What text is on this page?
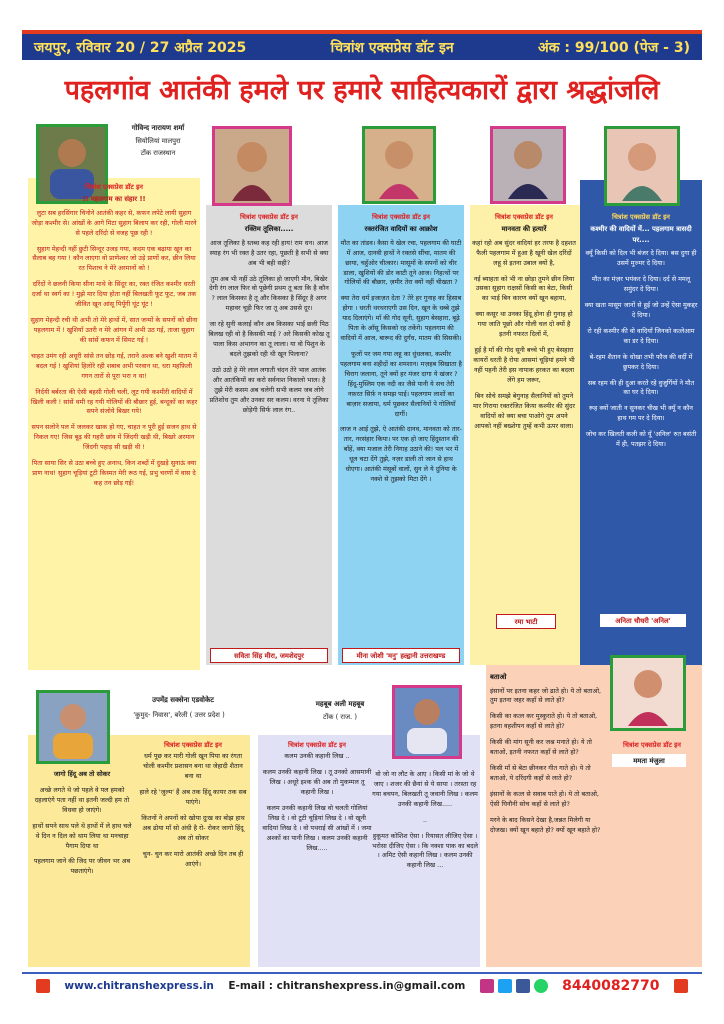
जयपुर, रविवार 20 / 27 अप्रैल 2025	चित्रांश एक्सप्रेस डॉट इन	अंक : 99/100 (पेज - 3)
पहलगांव आतंकी हमले पर हमारे साहित्यकारों द्वारा श्रद्धांजलि
गोविन्द नारायण शर्मा
सियोलियां मालपुरा
टोंक राजस्थान
चित्रांश एक्सप्रेस डॉट इन
!! पहलगाम का संहार !!

लुटा सब हरसिंगार चिनोने आतंकी कहर से, कफन लपेटे लायी सुहाग जोड़ा कश्मीर से। आंखों के आगे मिटा सुहाग बिलाप कर रही, गोली मारने से पहले दरिंदो से वजह पूछ रही !

सुहाग मेहन्दी नहीं छुटी सिन्दूर उजड़ गया, कदम एक बढ़ाया खून का सैलाब बह गया ! कौन लाएगा वो प्राणेश्वर जो उड़े प्राणों कर, छीन लिया रत पिशाच ने मेरे अरमानों को !

दरिंदों ने छलनी किया सीना माथे के सिंदूर का, रक्त रंजित कश्मीर धरती दर्जा था स्वर्ग का ! मुझे मार दिया होता नहीं बिलखती फूट फूट, जब तक जीवित खून आंसू पियूँगी घूंट घूंट !

सुहाग मेहन्दी रची थी अभी तो मेरे हाथों में, सात जन्मों के सपनों को छीना पहलगाम में ! खुशियाँ उतरी न मेरे आंगन में अभी उठ गई, ताजा सुहाग की सांसें कफन में सिमट गई !

चाहत उमंग रही अधूरी सांसे तन छोड़ गई, तराने अश्क बने खुशी मातम में बदल गई ! खुशियां हिलोरे रही शबाब अभी परवान था, धरा महफ़िली गगन तारों से पूरा भरा न था!

निर्दयी बर्बरता की ऐसी बहसी गोली चली, लूट गयी कश्मीरी वादियों में खिली कली ! सांसें थमी रह गयी गोलियों की बौछार हुई, बन्दूकों का कहर सपने संजोये बिखर गये!

सपन सलोने पल में जलकर खाक हो गए, चाहत न पूरी हुई सजन हाथ से निकल गए! जिस बूढ़ की गहरी छांव में जिंदगी खड़ी थी, बिखरे अरमान जिंदगी पहाड़ सी खड़ी थी !

पिता साया सिर से उठा बच्चे हुए अनाथ, किन शब्दों में दुखड़े सुनाऊं क्या प्राण नाथ! सुहाग चूड़ियां टूटी किस्मत मेरी रूठ गई, प्रभु चरणों में वास दे कह तन छोड़ गई!

चित्रांश एक्सप्रेस डॉट इन
रक्तिम तूलिका.....

आज तूलिका है स्तब्ध कह रही हाय! राम धन। आज स्याह रंग भी रक्त है उतर रहा, पूछती है सभी से क्या अब भी बही सही?

तुम अब भी नहीं उठे तूलिका हो जाएगी मौन, बिखेर देगी रंग लाल फिर वो पूछेगी प्रथम तू बता कि है कौन ? लाल किसका है तू और किसका है सिंदूर है अगर महावर चूड़ी फिर जा तू अब उससे दूर।

जा रहे सुनी कलाई कौन अब किसका भाई छली पिठ बिलख रही वो है किसकी माई ? अरे किसकी कोख तू पाला किस अभागन का तू लाला। या वो पिशुन के बदले तुझको रही थी खून पिलाना?

उठो उठो हे मेरे लाल लगाती चंदन तेरे भाल आतंक और आतंकियों का करो सर्वनाश निकालो भाल। है तुझे मेरी कसम अब चलेगी सभी कलम जब लोगे प्रतिशोध तुम और उनका सर कलम। वरना ये तूलिका छोड़ेगी सिर्फ लाल रंग..

सविता सिंह मीरा, जमशेदपुर
चित्रांश एक्सप्रेस डॉट इन
रक्तरंजित वादियों का आक्रोश

मौत का तांडव। कैसा ये खेल रचा, पहलगाम की घाटी में आज, दानवी हाथों ने रक्तसे सींचा, मातम की छाया, चहुँओर चीत्कार। मासूमों के सपनों को चीर डाला, खुशियों की डोर काटी तूने आज। निहत्थों पर गोलियों की बौछार, ज़मीर तेरा क्यों नहीं चीखता ?

क्या तेरा धर्म इजाज़त देता ? तेरे हर गुनाह का हिसाब होगा । धरती थरथराएगी उस दिन, खून के धब्बे तुझे याद दिलाएंगे। माँ की गोद सूनी, सुहाग बेसहारा, बूढ़े पिता के आँसू किसको रह तकेंगे। पहलगाम की वादियों में आज, बारूद की दुर्गंध, मातम की सिसकी।

फूलों पर जम गया लहू का धुंधलका, कश्मीर पहलगाम बना शहीदों का शमशान। मज़हब सिखाता है चिराग जलाना, तूने क्यों हर मंजर दागा ये खंजर ? हिंदू-मुस्लिम एक नदी का जैसे पानी ये सच तेरी नफ़रत सिर्फ़ न समझ पाई। पहलगाम लाशों का बाज़ार सजाया, धर्म पूछकर सैलानियों पे गोलियाँ दागीं।

लाज न आई तुझे, ऐ आतंकी दानव, मानवता को तार-तार, नरसंहार किया। पर एक हो जाए हिंदुस्तान की बाँहें, क्या मजाल तेरी निगाह उठाने की! पल भर में धूल चटा देंगे तुझे, नज़र डाली तो जान से हाथ धोएगा। आतंकी मंसूबों वालों, सुन ले ये दुनिया के नक्शे से तुझको मिटा देंगे ।

मीना जोशी 'मनु' हल्द्वानी उत्तराखण्ड
चित्रांश एक्सप्रेस डॉट इन
मानवता की हत्यारें

कहां रहो अब सुंदर वादियां हर तरफ है दहशत फैली पहलगाम में हुआ है खूनी खेल दरिंदों लहू से इतना उबाल क्यों है,

नई ब्याहता को भी ना छोड़ा तुमने छीन लिया उसका सुहाग राक्षसों किसी का बेटा, किसी का भाई बिन कारण क्यों खून बहाया,

क्या कसूर था उनका हिंदू होना ही गुनाह हो गया जाति पूछो और गोली चल दो क्यों है इतनी नफरत दिलों में,

हुई है माँ की गोद सूनी बच्चे भी हुए बेसहारा कायरों धरती है रोया आसमां चूड़ियां हमने भी नहीं पहनी तेरी इस नापाक हरकत का बदला लेंगे हम जरूर,

बिन सोचे समझे बेगुनाह सैलानियों को तुमने मार गिराया रक्तरंजित किया कश्मीर की सुंदर वादियों को क्या बचा पाओगे तुम अपने आपको नहीं बख्शेगा तुम्हें कभी ऊपर वाला।

रमा भाटी
चित्रांश एक्सप्रेस डॉट इन
कश्मीर की वादियों में... पहलगाम त्रासदी पर....

क्यूँ किसी को दिल भी बंजर दे दिया। बस दुगा ही उसमें मुज्मर दे दिया।

मौत का मंज़र भयंकर दे दिया। दर्द से ममलू समुंदर दे दिया।

क्या खता मासूम जानों से हुई जो उन्हें ऐसा मुकद्दर दे दिया।

रो रही कश्मीर की वो वादियाँ जिनको कत्लेआम का डर दे दिया।

बे-रहम शैतान के धोखा तभी फौज की वर्दी में छुपकर दे दिया।

सब रहम की ही दुआ करते रहे वुजुर्गियों ने मौत का घर दे दिया।

रूह क्यों जाती न सुनकर चीख भी क्यूँ न कौन हाथ गम पर दे दिया।

जोच कर खिलती कली को यूँ 'अनिल' रुत बसंती में ही, पतझर दे दिया।

अनिता चौधरी 'अनिल'
उपमेंद्र सक्सेना एडवोकेट
'कुमुद- निवास', बरेली ( उत्तर प्रदेश )

जागो हिंदू अब तो सोकर

अच्छे लगते थे जो पहले वे पल हमको दहलाएंगे पता नहीं था इतनी जल्दी हम तो विधवा हो जाएंगे।

हाथों सपने साथ पले थे हाथों में ले हाथ चले थे दिन न दिल को थाम लिया था मनचाहा पैगाम दिया था

पहलगाम जाने की जिद पर जीवन भर अब पछताएंगे।

चित्रांश एक्सप्रेस डॉट इन

धर्म पूछ कर मारी गोली खून पिया का रंगता चोली कश्मीर प्रशासन बना था जेहादी शैतान बना था

हाले रहे 'जुल्म' हैं अब तक हिंदू कायर तक सब पाएंगे।

कितनों ने अपनों को खोया दुःख का बोझ हाथ अब ढोया माँ सो अंधी है रो- रोकर जागो हिंदू अब तो सोकर

चुन- चुन कर मारो आतंकी अच्छे दिन तब ही आएंगे।

महबूब अली महबूब
टोंक ( राज. )
चित्रांश एक्सप्रेस डॉट इन

कलम उनकी कहानी लिख ..

कलम उनकी कहानी लिख । तू उनको आसमानी लिख । अधूरे इश्क की अब तो मुकम्मल तू कहानी लिख ।

कलम उनकी कहानी लिख वो चलती गोलियां लिख दे । वो टूटी चूड़ियां लिख दे । वो खूनी वादियां लिख दे । वो पथराई सी आंखों में । जमा अश्कों का पानी लिख । कलम उनकी कहानी लिख.....

वो जो ना लौट के आए । किसी मां के जो थे जाए । शजर की छैयां से ये साया । तरस्ता रह गया बचपन, बिलखती तू जवानी लिख । कलम उनकी कहानी लिख.....

..

हुकूमत कोशिश ऐसा । रियासत लीजिए ऐसा । भरोसा दीजिए ऐसा । कि नक्शा पाक का बदले । अमिट ऐसी कहानी लिख । कलम उनकी कहानी लिख ...

बताओ

इंसानों पर इतना कहर जो ढाते हो। ये तो बताओ, तुम इतना जहर कहाँ से लाते हो?

किसी का कत्ल कर मुस्कुराते हो। ये तो बताओ, इतना वहशीपन कहाँ से लाते हो?

किसी की मांग सूनी कर जश्न मनाते हो। ये तो बताओ, इतनी नफरत कहाँ से लाते हो?

किसी माँ से बेटा छीनकर गीत गाते हो। ये तो बताओ, ये दरिंदगी कहाँ से लाते हो?

इंसानों के कत्ल से सवाब पाते हो। ये तो बताओ, ऐसी घिनौनी सोच कहाँ से लाते हो?

मरने के बाद किसने देखा है,जन्नत मिलेगी या दोजख। क्यों खून बहाते हो? क्यों खून बहाते हो?

चित्रांश एक्सप्रेस डॉट इन
ममता मंजुला
www.chitranshexpress.in E-mail : chitranshexpress.in@gmail.com	8440082770
